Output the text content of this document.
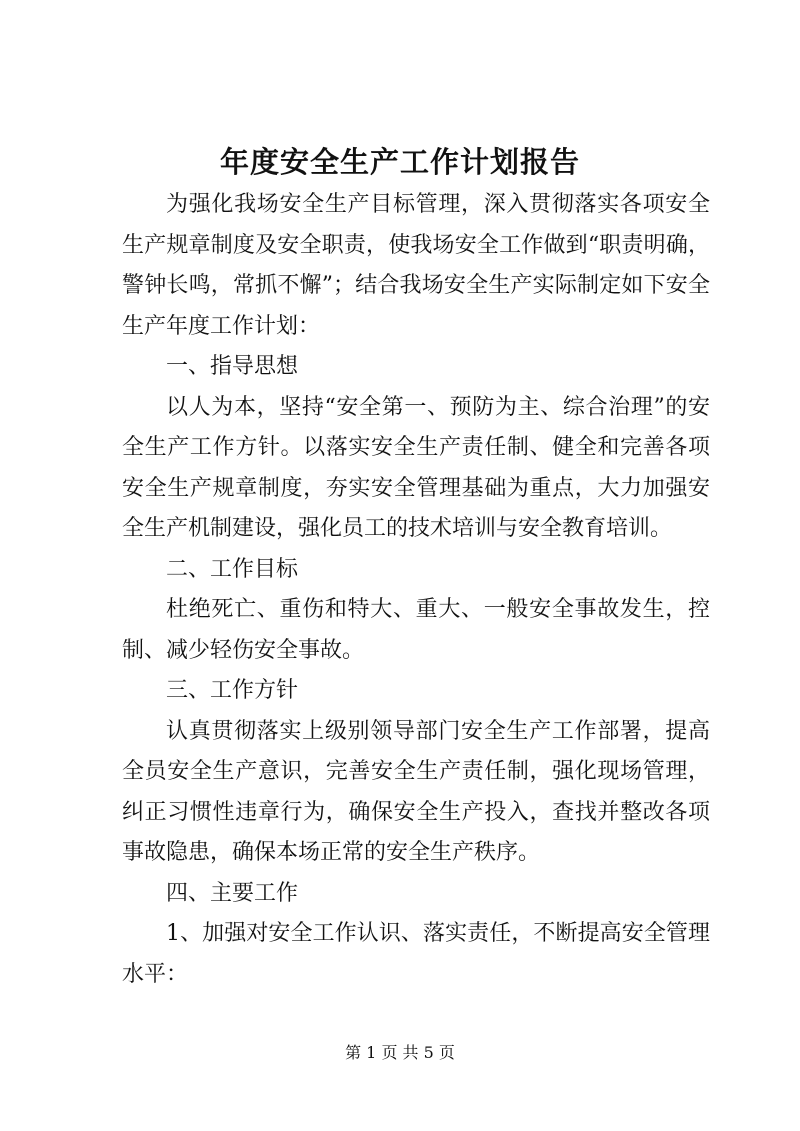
年度安全生产工作计划报告

为强化我场安全生产目标管理，深入贯彻落实各项安全生产规章制度及安全职责，使我场安全工作做到“职责明确，警钟长鸣，常抓不懈”；结合我场安全生产实际制定如下安全生产年度工作计划：

一、指导思想

以人为本，坚持“安全第一、预防为主、综合治理”的安全生产工作方针。以落实安全生产责任制、健全和完善各项安全生产规章制度，夯实安全管理基础为重点，大力加强安全生产机制建设，强化员工的技术培训与安全教育培训。

二、工作目标

杜绝死亡、重伤和特大、重大、一般安全事故发生，控制、减少轻伤安全事故。

三、工作方针

认真贯彻落实上级别领导部门安全生产工作部署，提高全员安全生产意识，完善安全生产责任制，强化现场管理，纠正习惯性违章行为，确保安全生产投入，查找并整改各项事故隐患，确保本场正常的安全生产秩序。

四、主要工作

1、加强对安全工作认识、落实责任，不断提高安全管理水平：

第 1 页 共 5 页
